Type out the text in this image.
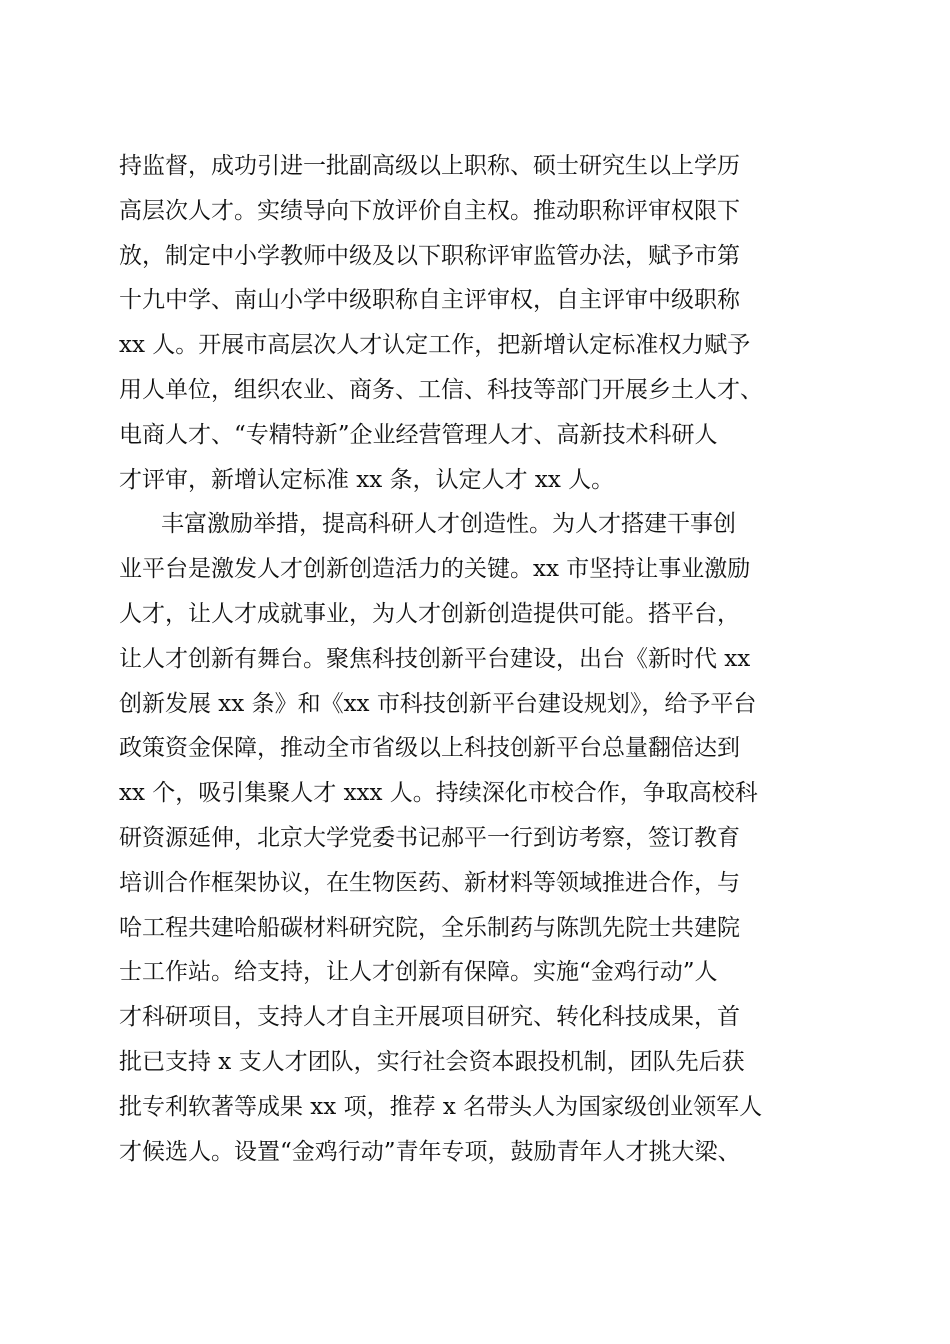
持监督，成功引进一批副高级以上职称、硕士研究生以上学历
高层次人才。实绩导向下放评价自主权。推动职称评审权限下
放，制定中小学教师中级及以下职称评审监管办法，赋予市第
十九中学、南山小学中级职称自主评审权，自主评审中级职称
xx 人。开展市高层次人才认定工作，把新增认定标准权力赋予
用人单位，组织农业、商务、工信、科技等部门开展乡土人才、
电商人才、“专精特新”企业经营管理人才、高新技术科研人
才评审，新增认定标准 xx 条，认定人才 xx 人。
丰富激励举措，提高科研人才创造性。为人才搭建干事创
业平台是激发人才创新创造活力的关键。xx 市坚持让事业激励
人才，让人才成就事业，为人才创新创造提供可能。搭平台，
让人才创新有舞台。聚焦科技创新平台建设，出台《新时代 xx
创新发展 xx 条》和《xx 市科技创新平台建设规划》，给予平台
政策资金保障，推动全市省级以上科技创新平台总量翻倍达到
xx 个，吸引集聚人才 xxx 人。持续深化市校合作，争取高校科
研资源延伸，北京大学党委书记郝平一行到访考察，签订教育
培训合作框架协议，在生物医药、新材料等领域推进合作，与
哈工程共建哈船碳材料研究院，全乐制药与陈凯先院士共建院
士工作站。给支持，让人才创新有保障。实施“金鸡行动”人
才科研项目，支持人才自主开展项目研究、转化科技成果，首
批已支持 x 支人才团队，实行社会资本跟投机制，团队先后获
批专利软著等成果 xx 项，推荐 x 名带头人为国家级创业领军人
才候选人。设置“金鸡行动”青年专项，鼓励青年人才挑大梁、
